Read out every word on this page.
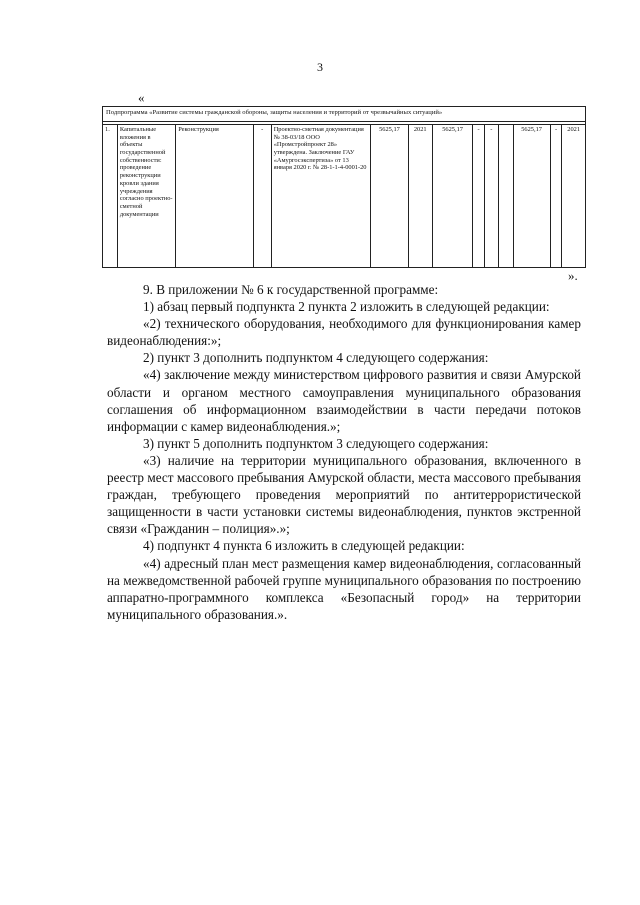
3
«
Подпрограмма «Развитие системы гражданской обороны, защиты населения и территорий от чрезвычайных ситуаций»

1.	Капитальные вложения в объекты государственной собственности: проведение реконструкции кровли здания учреждения согласно проектно-сметной документации	Реконструкция	-	Проектно-сметная документация № 38-03/18 ООО «Промстройпроект 28» утверждена. Заключение ГАУ «Амургосэкспертиза» от 13 января 2020 г. № 28-1-1-4-0001-20	5625,17	2021	5625,17	-	-		5625,17	-	2021
».

9. В приложении № 6 к государственной программе:

1) абзац первый подпункта 2 пункта 2 изложить в следующей редакции:

«2) технического оборудования, необходимого для функционирования камер видеонаблюдения:»;

2) пункт 3 дополнить подпунктом 4 следующего содержания:

«4) заключение между министерством цифрового развития и связи Амурской области и органом местного самоуправления муниципального образования соглашения об информационном взаимодействии в части передачи потоков информации с камер видеонаблюдения.»;

3) пункт 5 дополнить подпунктом 3 следующего содержания:

«3) наличие на территории муниципального образования, включенного в реестр мест массового пребывания Амурской области, места массового пребывания граждан, требующего проведения мероприятий по антитеррористической защищенности в части установки системы видеонаблюдения, пунктов экстренной связи «Гражданин – полиция».»;

4) подпункт 4 пункта 6 изложить в следующей редакции:

«4) адресный план мест размещения камер видеонаблюдения, согласованный на межведомственной рабочей группе муниципального образования по построению аппаратно-программного комплекса «Безопасный город» на территории муниципального образования.».
